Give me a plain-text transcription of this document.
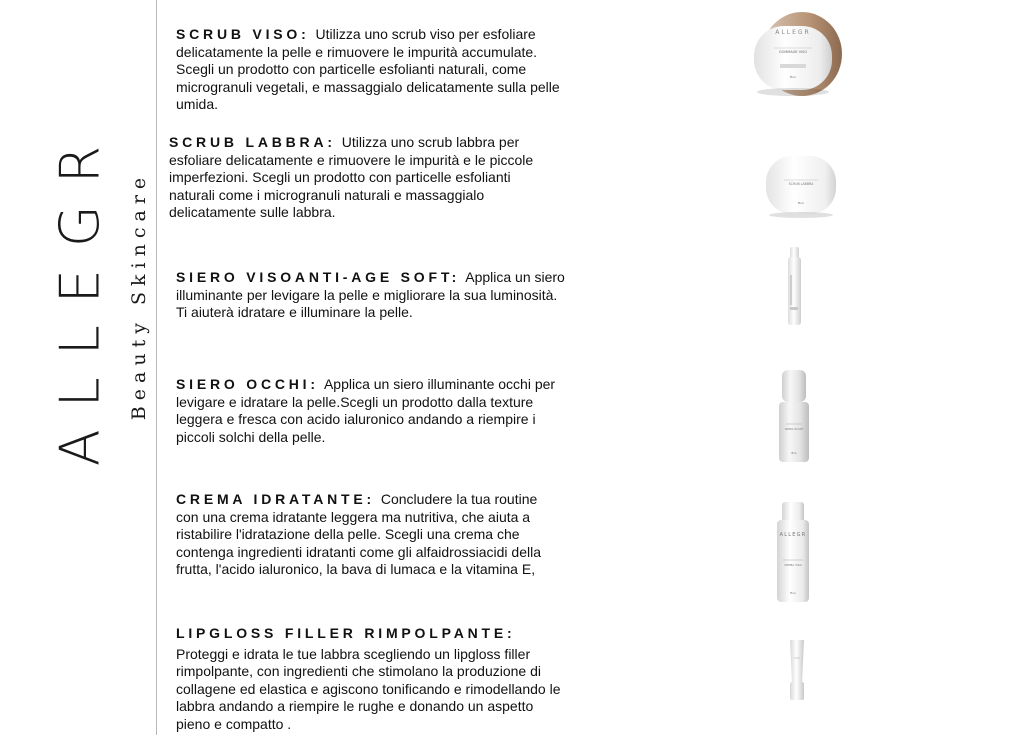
ALLEGR Beauty Skincare
SCRUB VISO: Utilizza uno scrub viso per esfoliare delicatamente la pelle e rimuovere le impurità accumulate. Scegli un prodotto con particelle esfolianti naturali, come microgranuli vegetali, e massaggialo delicatamente sulla pelle umida.
ALLEGR
GOMMAGE VISO
Eco
SCRUB LABBRA: Utilizza uno scrub labbra per esfoliare delicatamente e rimuovere le impurità e le piccole imperfezioni. Scegli un prodotto con particelle esfolianti naturali come i microgranuli naturali e massaggialo delicatamente sulle labbra.
SCRUB LABBRA
Eco
SIERO VISOANTI-AGE SOFT: Applica un siero illuminante per levigare la pelle e migliorare la sua luminosità. Ti aiuterà idratare e illuminare la pelle.
SIERO OCCHI: Applica un siero illuminante occhi per levigare e idratare la pelle.Scegli un prodotto dalla texture leggera e fresca con acido ialuronico andando a riempire i piccoli solchi della pelle.	SIERO OCCHI
Eco
CREMA IDRATANTE: Concludere la tua routine con una crema idratante leggera ma nutritiva, che aiuta a ristabilire l'idratazione della pelle. Scegli una crema che contenga ingredienti idratanti come gli alfaidrossiacidi della frutta, l'acido ialuronico, la bava di lumaca e la vitamina E,
ALLEGR
CREMA VISO
Eco
LIPGLOSS FILLER RIMPOLPANTE:
Proteggi e idrata le tue labbra scegliendo un lipgloss filler rimpolpante, con ingredienti che stimolano la produzione di collagene ed elastica e agiscono tonificando e rimodellando le labbra andando a riempire le rughe e donando un aspetto pieno e compatto .
